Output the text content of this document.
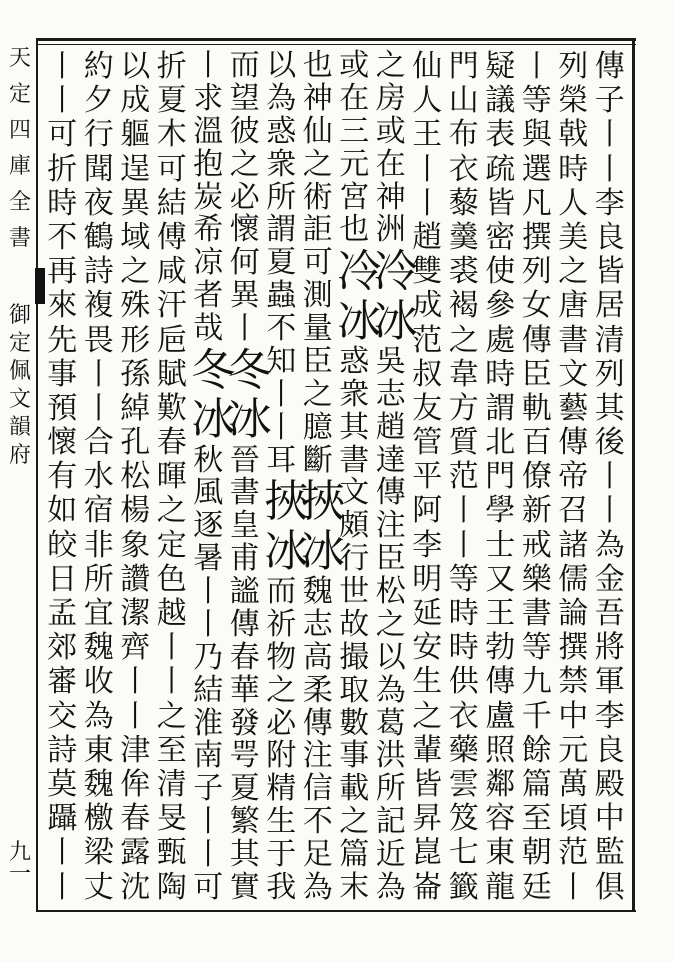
天
定
四
庫
全
書
御
定
佩
文
韻
府
九
一
傳
子
丨
丨
李
良
皆
居
清
列
其
後
丨
丨
為
金
吾
將
軍
李
良
殿
中
監
俱
列
榮
戟
時
人
美
之
唐
書
文
藝
傳
帝
召
諸
儒
論
撰
禁
中
元
萬
頃
范
丨
丨
等
與
選
凡
撰
列
女
傳
臣
軌
百
僚
新
戒
樂
書
等
九
千
餘
篇
至
朝
廷
疑
議
表
疏
皆
密
使
參
處
時
謂
北
門
學
士
又
王
勃
傳
盧
照
鄰
容
東
龍
門
山
布
衣
藜
羹
裘
褐
之
韋
方
質
范
丨
丨
等
時
時
供
衣
藥
雲
笈
七
籤
仙
人
王
丨
丨
趙
雙
成
范
叔
友
管
平
阿
李
明
延
安
生
之
輩
皆
昇
崑
崙
之
房
或
在
神
洲
冷
冰
吳
志
趙
達
傳
注
臣
松
之
以
為
葛
洪
所
記
近
為
或
在
三
元
宮
也
冷
冰
惑
衆
其
書
文
頗
行
世
故
撮
取
數
事
載
之
篇
末
也
神
仙
之
術
詎
可
測
量
臣
之
臆
斷
挾
冰
魏
志
高
柔
傳
注
信
不
足
為
以
為
惑
衆
所
謂
夏
蟲
不
知
丨
丨
耳
挾
冰
而
祈
物
之
必
附
精
生
于
我
而
望
彼
之
必
懷
何
異
丨
冬
冰
晉
書
皇
甫
謐
傳
春
華
發
咢
夏
繁
其
實
丨
求
溫
抱
炭
希
凉
者
哉
冬
冰
秋
風
逐
暑
丨
丨
乃
結
淮
南
子
丨
丨
可
折
夏
木
可
結
傅
咸
汗
巵
賦
歎
春
暉
之
定
色
越
丨
丨
之
至
清
旻
甄
陶
以
成
軀
逞
異
域
之
殊
形
孫
綽
孔
松
楊
象
讚
潔
齊
丨
丨
津
侔
春
露
沈
約
夕
行
聞
夜
鶴
詩
複
畏
丨
丨
合
水
宿
非
所
宜
魏
收
為
東
魏
檄
梁
丈
丨
丨
可
折
時
不
再
來
先
事
預
懷
有
如
皎
日
孟
郊
審
交
詩
莫
躡
丨
丨
